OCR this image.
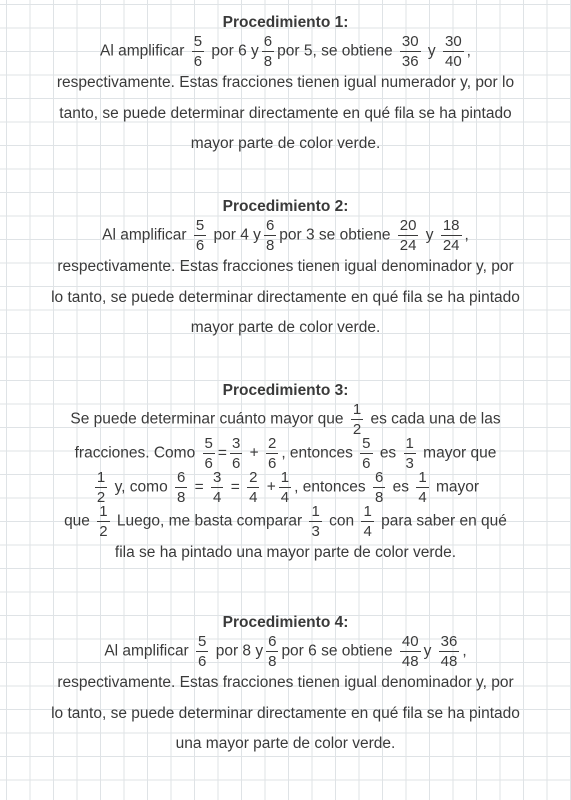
Procedimiento 1:
Al amplificar $\frac{5}{6}$ por 6 y $\frac{6}{8}$ por 5, se obtiene $\frac{30}{36}$ y $\frac{30}{40}$ ,
respectivamente. Estas fracciones tienen igual numerador y, por lo
tanto, se puede determinar directamente en qué fila se ha pintado
mayor parte de color verde.
Procedimiento 2:
Al amplificar $\frac{5}{6}$ por 4 y $\frac{6}{8}$ por 3 se obtiene $\frac{20}{24}$ y $\frac{18}{24}$ ,
respectivamente. Estas fracciones tienen igual denominador y, por
lo tanto, se puede determinar directamente en qué fila se ha pintado
mayor parte de color verde.
Procedimiento 3:
Se puede determinar cuánto mayor que $\frac{1}{2}$ es cada una de las
fracciones. Como $\frac{5}{6} = \frac{3}{6} + \frac{2}{6}$ , entonces $\frac{5}{6}$ es $\frac{1}{3}$ mayor que
$\frac{1}{2} y$, como $\frac{6}{8} = \frac{3}{4} = \frac{2}{4} + \frac{1}{4}$ , entonces $\frac{6}{8}$ es $\frac{1}{4}$ mayor
que $\frac{1}{2}$ Luego, me basta comparar $\frac{1}{3}$ con $\frac{1}{4}$ para saber en qué
fila se ha pintado una mayor parte de color verde.
Procedimiento 4:
Al amplificar $\frac{5}{6}$ por 8 y $\frac{6}{8}$ por 6 se obtiene $\frac{40}{48}$ y $\frac{36}{48}$ ,
respectivamente. Estas fracciones tienen igual denominador y, por
lo tanto, se puede determinar directamente en qué fila se ha pintado
una mayor parte de color verde.
